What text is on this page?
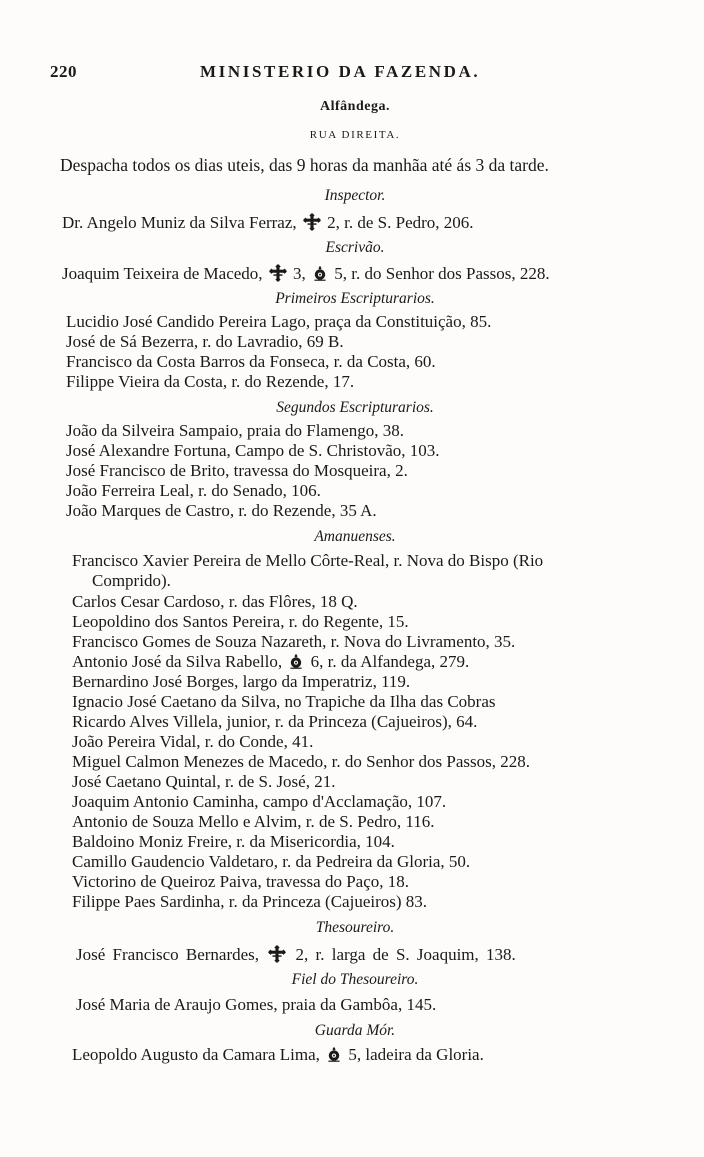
220	MINISTERIO DA FAZENDA.
Alfândega.
RUA DIREITA.
Despacha todos os dias uteis, das 9 horas da manhãa até ás 3 da tarde.
Inspector.
Dr. Angelo Muniz da Silva Ferraz, 2, r. de S. Pedro, 206.
Escrivão.
Joaquim Teixeira de Macedo, 3, 5, r. do Senhor dos Passos, 228.
Primeiros Escripturarios.
Lucidio José Candido Pereira Lago, praça da Constituição, 85.
José de Sá Bezerra, r. do Lavradio, 69 B.
Francisco da Costa Barros da Fonseca, r. da Costa, 60.
Filippe Vieira da Costa, r. do Rezende, 17.
Segundos Escripturarios.
João da Silveira Sampaio, praia do Flamengo, 38.
José Alexandre Fortuna, Campo de S. Christovão, 103.
José Francisco de Brito, travessa do Mosqueira, 2.
João Ferreira Leal, r. do Senado, 106.
João Marques de Castro, r. do Rezende, 35 A.
Amanuenses.
Francisco Xavier Pereira de Mello Côrte-Real, r. Nova do Bispo (Rio
Comprido).
Carlos Cesar Cardoso, r. das Flôres, 18 Q.
Leopoldino dos Santos Pereira, r. do Regente, 15.
Francisco Gomes de Souza Nazareth, r. Nova do Livramento, 35.
Antonio José da Silva Rabello, 6, r. da Alfandega, 279.
Bernardino José Borges, largo da Imperatriz, 119.
Ignacio José Caetano da Silva, no Trapiche da Ilha das Cobras
Ricardo Alves Villela, junior, r. da Princeza (Cajueiros), 64.
João Pereira Vidal, r. do Conde, 41.
Miguel Calmon Menezes de Macedo, r. do Senhor dos Passos, 228.
José Caetano Quintal, r. de S. José, 21.
Joaquim Antonio Caminha, campo d'Acclamação, 107.
Antonio de Souza Mello e Alvim, r. de S. Pedro, 116.
Baldoino Moniz Freire, r. da Misericordia, 104.
Camillo Gaudencio Valdetaro, r. da Pedreira da Gloria, 50.
Victorino de Queiroz Paiva, travessa do Paço, 18.
Filippe Paes Sardinha, r. da Princeza (Cajueiros) 83.
Thesoureiro.
José Francisco Bernardes, 2, r. larga de S. Joaquim, 138.
Fiel do Thesoureiro.
José Maria de Araujo Gomes, praia da Gambôa, 145.
Guarda Mór.
Leopoldo Augusto da Camara Lima, 5, ladeira da Gloria.
